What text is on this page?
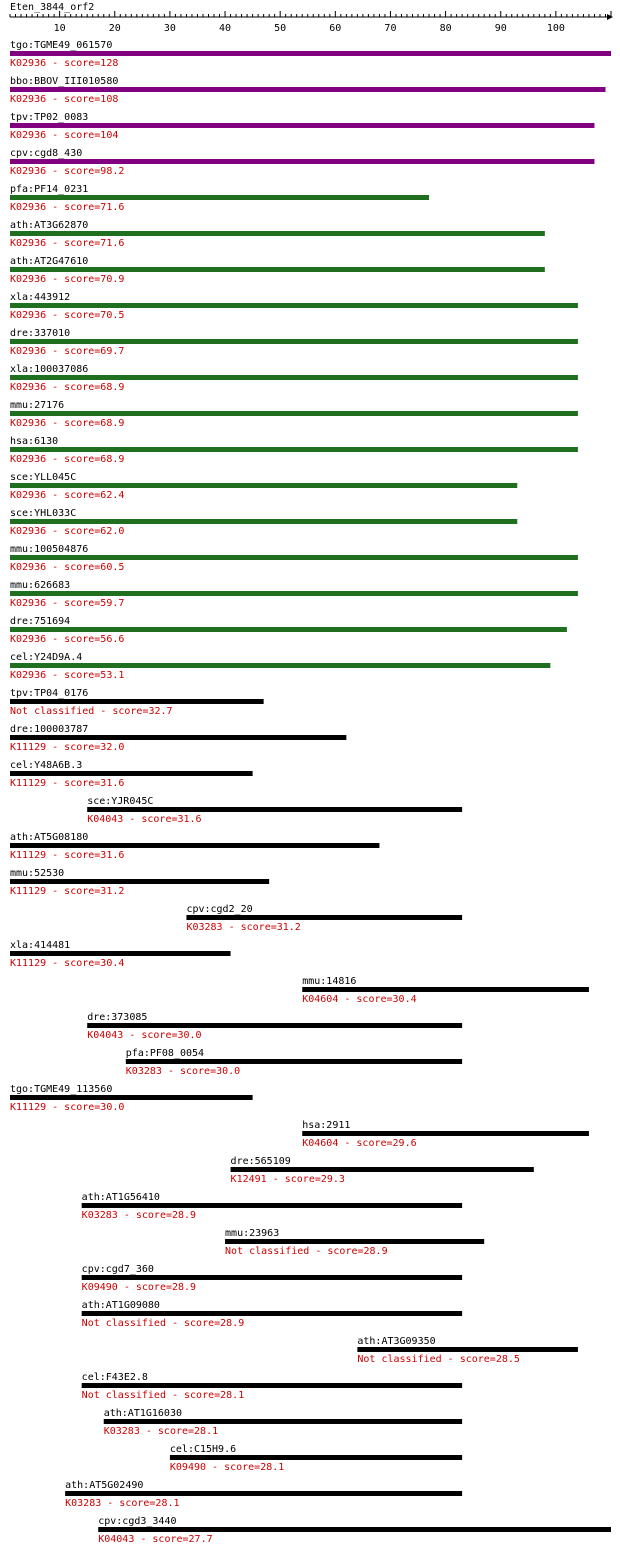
Eten_3844_orf2
10	20	30	40	50	60	70	80	90	100
tgo:TGME49_061570
K02936 - score=128
bbo:BBOV_III010580
K02936 - score=108
tpv:TP02_0083
K02936 - score=104
cpv:cgd8_430
K02936 - score=98.2
pfa:PF14_0231
K02936 - score=71.6
ath:AT3G62870
K02936 - score=71.6
ath:AT2G47610
K02936 - score=70.9
xla:443912
K02936 - score=70.5
dre:337010
K02936 - score=69.7
xla:100037086
K02936 - score=68.9
mmu:27176
K02936 - score=68.9
hsa:6130
K02936 - score=68.9
sce:YLL045C
K02936 - score=62.4
sce:YHL033C
K02936 - score=62.0
mmu:100504876
K02936 - score=60.5
mmu:626683
K02936 - score=59.7
dre:751694
K02936 - score=56.6
cel:Y24D9A.4
K02936 - score=53.1
tpv:TP04_0176
Not classified - score=32.7
dre:100003787
K11129 - score=32.0
cel:Y48A6B.3
K11129 - score=31.6
sce:YJR045C
K04043 - score=31.6
ath:AT5G08180
K11129 - score=31.6
mmu:52530
K11129 - score=31.2
cpv:cgd2_20
K03283 - score=31.2
xla:414481
K11129 - score=30.4
mmu:14816
K04604 - score=30.4
dre:373085
K04043 - score=30.0
pfa:PF08_0054
K03283 - score=30.0
tgo:TGME49_113560
K11129 - score=30.0
hsa:2911
K04604 - score=29.6
dre:565109
K12491 - score=29.3
ath:AT1G56410
K03283 - score=28.9
mmu:23963
Not classified - score=28.9
cpv:cgd7_360
K09490 - score=28.9
ath:AT1G09080
Not classified - score=28.9
ath:AT3G09350
Not classified - score=28.5
cel:F43E2.8
Not classified - score=28.1
ath:AT1G16030
K03283 - score=28.1
cel:C15H9.6
K09490 - score=28.1
ath:AT5G02490
K03283 - score=28.1
cpv:cgd3_3440
K04043 - score=27.7
